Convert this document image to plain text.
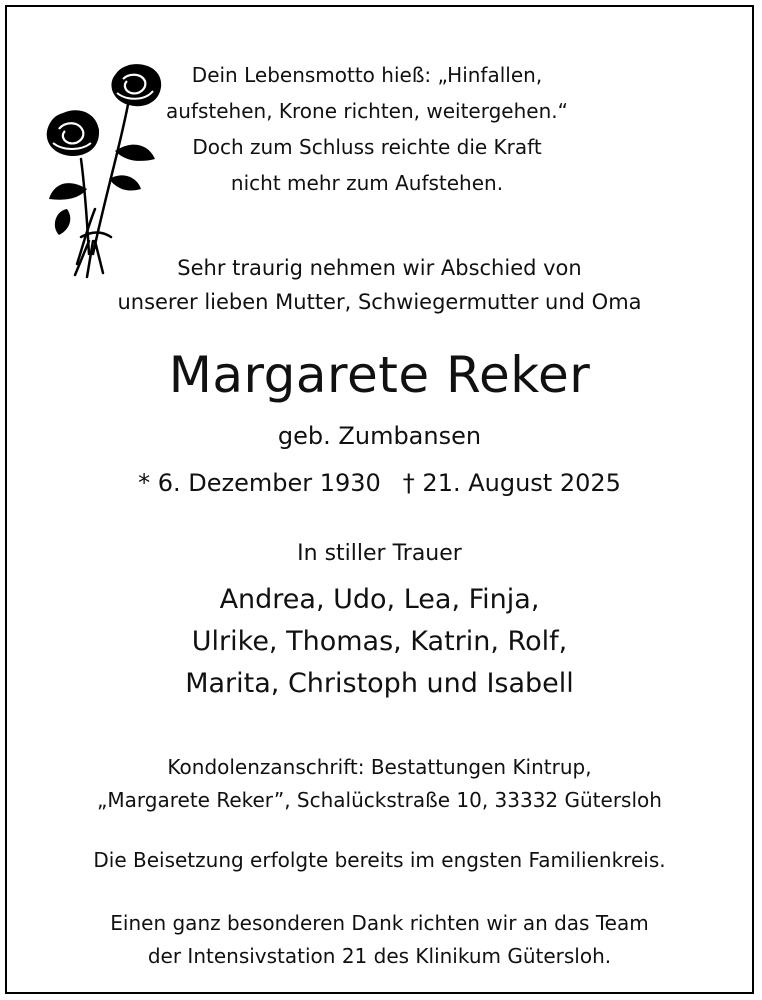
Dein Lebensmotto hieß: „Hinfallen,
aufstehen, Krone richten, weitergehen.“
Doch zum Schluss reichte die Kraft
nicht mehr zum Aufstehen.
Sehr traurig nehmen wir Abschied von
unserer lieben Mutter, Schwiegermutter und Oma
Margarete Reker
geb. Zumbansen
* 6. Dezember 1930 † 21. August 2025
In stiller Trauer
Andrea, Udo, Lea, Finja,
Ulrike, Thomas, Katrin, Rolf,
Marita, Christoph und Isabell
Kondolenzanschrift: Bestattungen Kintrup,
„Margarete Reker”, Schalückstraße 10, 33332 Gütersloh
Die Beisetzung erfolgte bereits im engsten Familienkreis.
Einen ganz besonderen Dank richten wir an das Team
der Intensivstation 21 des Klinikum Gütersloh.
